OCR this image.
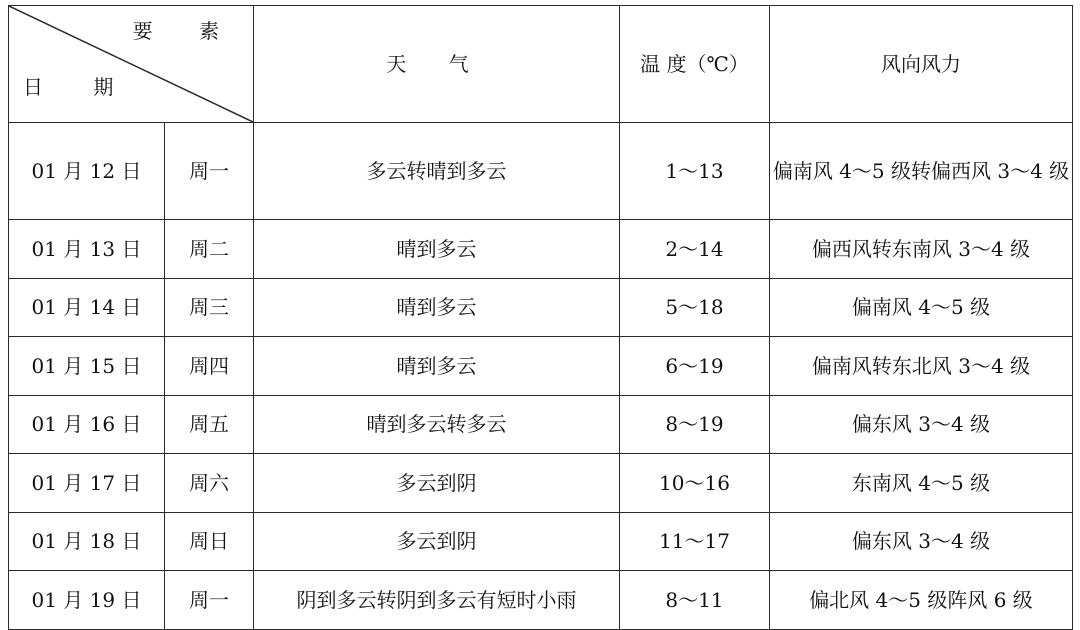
要 素
日 期		天 气	温 度（℃）	风向风力
01 月 12 日	周一	多云转晴到多云	1～13	偏南风 4～5 级转偏西风 3～4 级
01 月 13 日	周二	晴到多云	2～14	偏西风转东南风 3～4 级
01 月 14 日	周三	晴到多云	5～18	偏南风 4～5 级
01 月 15 日	周四	晴到多云	6～19	偏南风转东北风 3～4 级
01 月 16 日	周五	晴到多云转多云	8～19	偏东风 3～4 级
01 月 17 日	周六	多云到阴	10～16	东南风 4～5 级
01 月 18 日	周日	多云到阴	11～17	偏东风 3～4 级
01 月 19 日	周一	阴到多云转阴到多云有短时小雨	8～11	偏北风 4～5 级阵风 6 级
